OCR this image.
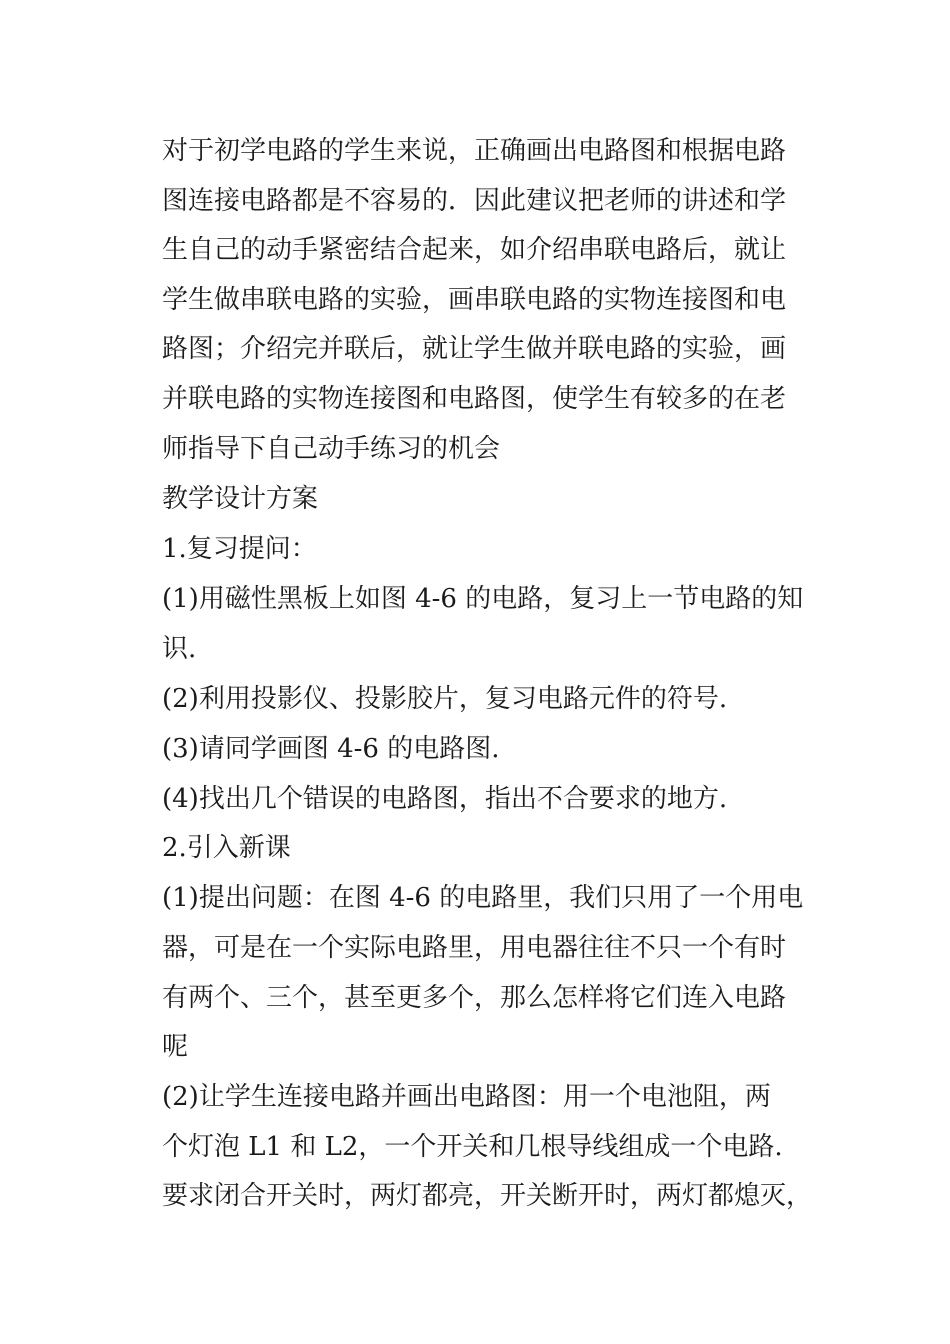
对于初学电路的学生来说，正确画出电路图和根据电路
图连接电路都是不容易的．因此建议把老师的讲述和学
生自己的动手紧密结合起来，如介绍串联电路后，就让
学生做串联电路的实验，画串联电路的实物连接图和电
路图；介绍完并联后，就让学生做并联电路的实验，画
并联电路的实物连接图和电路图，使学生有较多的在老
师指导下自己动手练习的机会
教学设计方案
1.复习提问：
(1)用磁性黑板上如图 4-6 的电路，复习上一节电路的知
识.
(2)利用投影仪、投影胶片，复习电路元件的符号.
(3)请同学画图 4-6 的电路图.
(4)找出几个错误的电路图，指出不合要求的地方.
2.引入新课
(1)提出问题：在图 4-6 的电路里，我们只用了一个用电
器，可是在一个实际电路里，用电器往往不只一个有时
有两个、三个，甚至更多个，那么怎样将它们连入电路
呢
(2)让学生连接电路并画出电路图：用一个电池阻，两
个灯泡 L1 和 L2，一个开关和几根导线组成一个电路.
要求闭合开关时，两灯都亮，开关断开时，两灯都熄灭，
